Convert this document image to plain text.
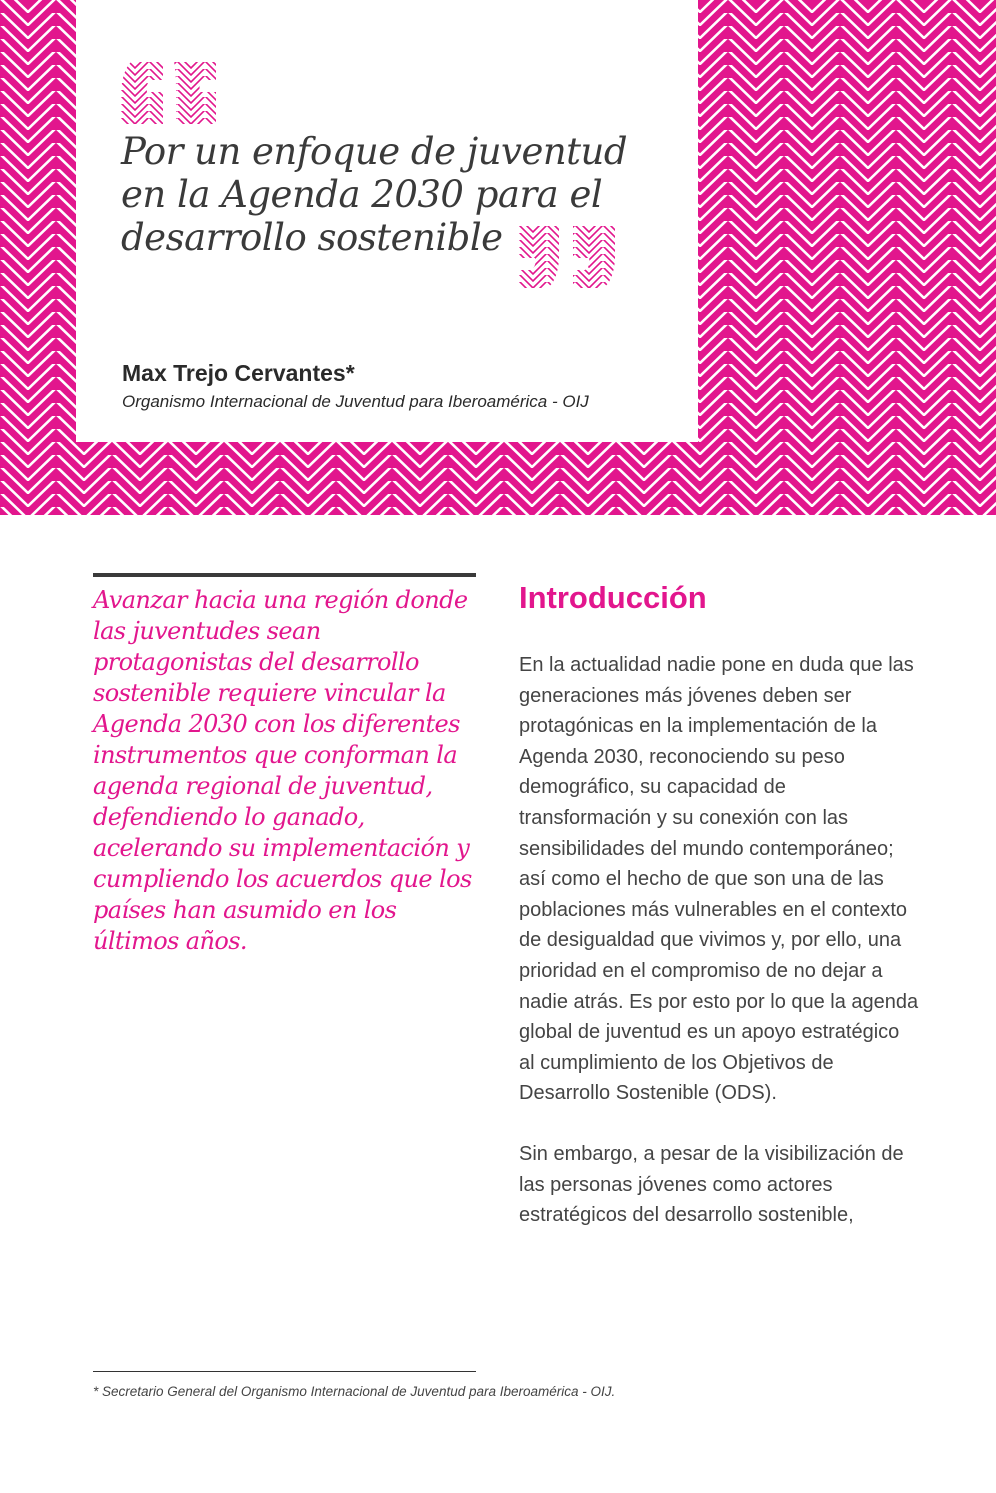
Por un enfoque de juventud
en la Agenda 2030 para el
desarrollo sostenible
Max Trejo Cervantes*
Organismo Internacional de Juventud para Iberoamérica - OIJ
Avanzar hacia una región donde las juventudes sean protagonistas del desarrollo sostenible requiere vincular la Agenda 2030 con los diferentes instrumentos que conforman la agenda regional de juventud, defendiendo lo ganado, acelerando su implementación y cumpliendo los acuerdos que los países han asumido en los últimos años.
Introducción

En la actualidad nadie pone en duda que las generaciones más jóvenes deben ser protagónicas en la implementación de la Agenda 2030, reconociendo su peso demográfico, su capacidad de transformación y su conexión con las sensibilidades del mundo contemporáneo; así como el hecho de que son una de las poblaciones más vulnerables en el contexto de desigualdad que vivimos y, por ello, una prioridad en el compromiso de no dejar a nadie atrás. Es por esto por lo que la agenda global de juventud es un apoyo estratégico al cumplimiento de los Objetivos de Desarrollo Sostenible (ODS).

Sin embargo, a pesar de la visibilización de las personas jóvenes como actores estratégicos del desarrollo sostenible,

* Secretario General del Organismo Internacional de Juventud para Iberoamérica - OIJ.
